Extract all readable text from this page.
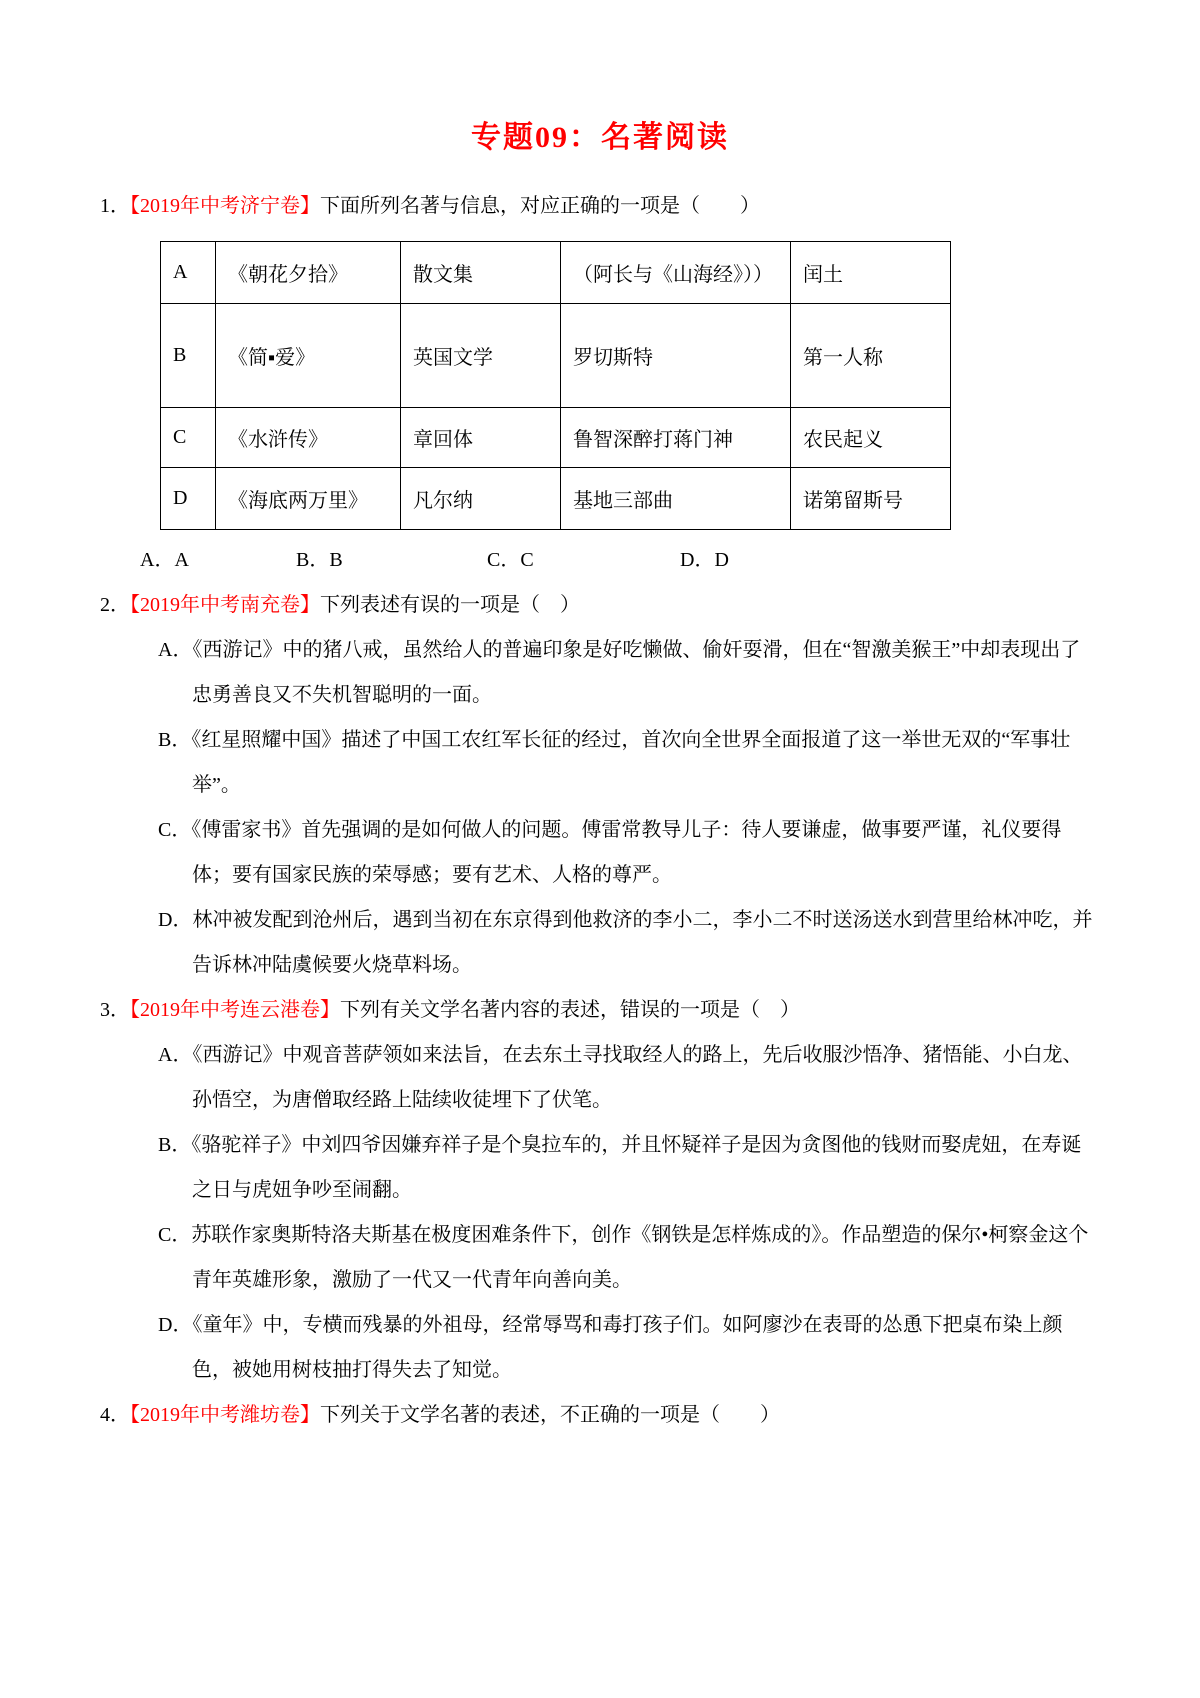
专题09：名著阅读
1．【2019年中考济宁卷】下面所列名著与信息，对应正确的一项是（　　）
A	《朝花夕拾》	散文集	（阿长与《山海经》））	闰土
B	《简▪爱》	英国文学	罗切斯特	第一人称
C	《水浒传》	章回体	鲁智深醉打蒋门神	农民起义
D	《海底两万里》	凡尔纳	基地三部曲	诺第留斯号
A．A	B．B	C．C	D．D
2．【2019年中考南充卷】下列表述有误的一项是（　）
A．《西游记》中的猪八戒，虽然给人的普遍印象是好吃懒做、偷奸耍滑，但在“智激美猴王”中却表现出了忠勇善良又不失机智聪明的一面。
B．《红星照耀中国》描述了中国工农红军长征的经过，首次向全世界全面报道了这一举世无双的“军事壮举”。
C．《傅雷家书》首先强调的是如何做人的问题。傅雷常教导儿子：待人要谦虚，做事要严谨，礼仪要得体；要有国家民族的荣辱感；要有艺术、人格的尊严。
D．林冲被发配到沧州后，遇到当初在东京得到他救济的李小二，李小二不时送汤送水到营里给林冲吃，并告诉林冲陆虞候要火烧草料场。
3．【2019年中考连云港卷】下列有关文学名著内容的表述，错误的一项是（　）
A．《西游记》中观音菩萨领如来法旨，在去东土寻找取经人的路上，先后收服沙悟净、猪悟能、小白龙、孙悟空，为唐僧取经路上陆续收徒埋下了伏笔。
B．《骆驼祥子》中刘四爷因嫌弃祥子是个臭拉车的，并且怀疑祥子是因为贪图他的钱财而娶虎妞，在寿诞之日与虎妞争吵至闹翻。
C．苏联作家奥斯特洛夫斯基在极度困难条件下，创作《钢铁是怎样炼成的》。作品塑造的保尔•柯察金这个青年英雄形象，激励了一代又一代青年向善向美。
D．《童年》中，专横而残暴的外祖母，经常辱骂和毒打孩子们。如阿廖沙在表哥的怂恿下把桌布染上颜色，被她用树枝抽打得失去了知觉。
4．【2019年中考潍坊卷】下列关于文学名著的表述，不正确的一项是（　　）
